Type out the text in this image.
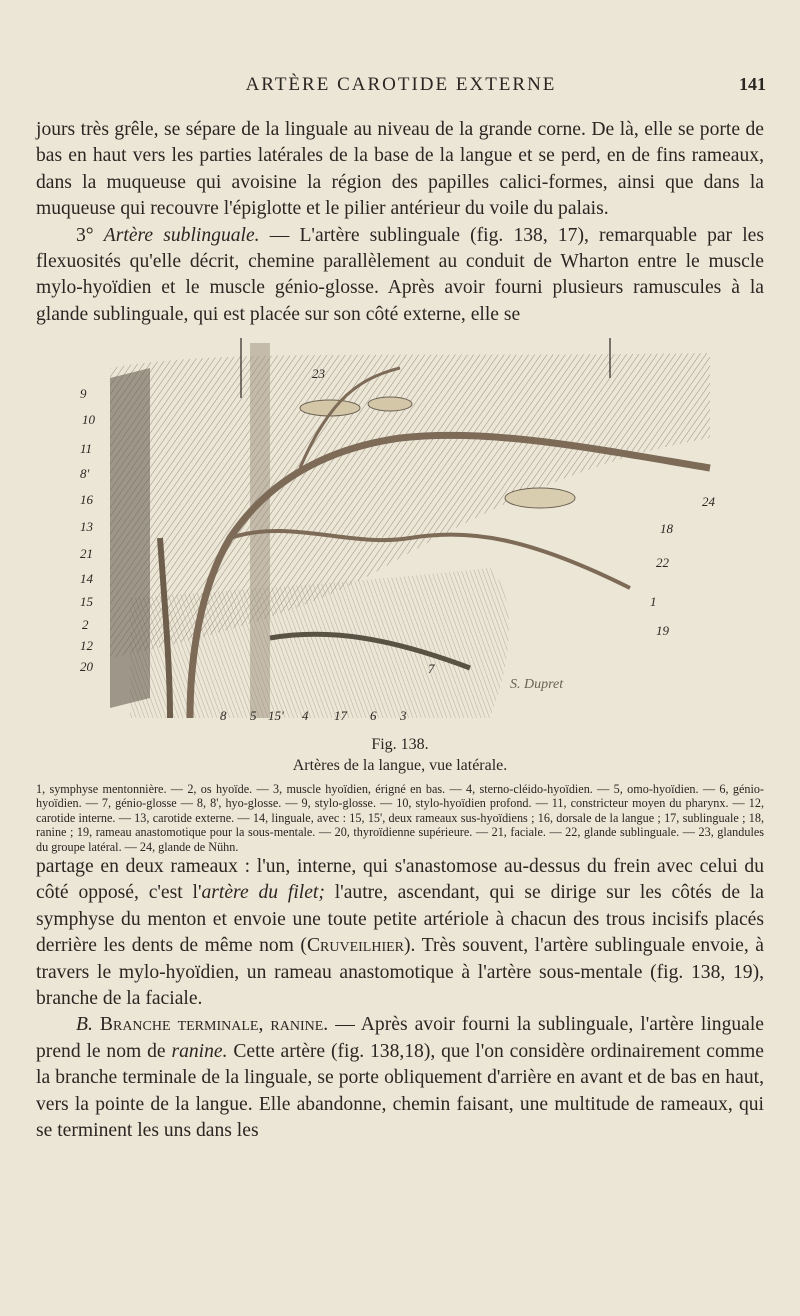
ARTÈRE CAROTIDE EXTERNE	141

jours très grêle, se sépare de la linguale au niveau de la grande corne. De là, elle se porte de bas en haut vers les parties latérales de la base de la langue et se perd, en de fins rameaux, dans la muqueuse qui avoisine la région des papilles calici-formes, ainsi que dans la muqueuse qui recouvre l'épiglotte et le pilier antérieur du voile du palais.

3° Artère sublinguale. — L'artère sublinguale (fig. 138, 17), remarquable par les flexuosités qu'elle décrit, chemine parallèlement au conduit de Wharton entre le muscle mylo-hyoïdien et le muscle génio-glosse. Après avoir fourni plusieurs ramuscules à la glande sublinguale, qui est placée sur son côté externe, elle se

9
10
11
8'
16
13
21
14
15
2
12
20
24
18
22
1
19
8 5 15' 4 17 6 3
23
7
S. Dupret
Fig. 138.
Artères de la langue, vue latérale.
1, symphyse mentonnière. — 2, os hyoïde. — 3, muscle hyoïdien, érigné en bas. — 4, sterno-cléido-hyoïdien. — 5, omo-hyoïdien. — 6, génio-hyoïdien. — 7, génio-glosse — 8, 8', hyo-glosse. — 9, stylo-glosse. — 10, stylo-hyoïdien profond. — 11, constricteur moyen du pharynx. — 12, carotide interne. — 13, carotide externe. — 14, linguale, avec : 15, 15', deux rameaux sus-hyoïdiens ; 16, dorsale de la langue ; 17, sublinguale ; 18, ranine ; 19, rameau anastomotique pour la sous-mentale. — 20, thyroïdienne supérieure. — 21, faciale. — 22, glande sublinguale. — 23, glandules du groupe latéral. — 24, glande de Nühn.

partage en deux rameaux : l'un, interne, qui s'anastomose au-dessus du frein avec celui du côté opposé, c'est l'artère du filet; l'autre, ascendant, qui se dirige sur les côtés de la symphyse du menton et envoie une toute petite artériole à chacun des trous incisifs placés derrière les dents de même nom (Cruveilhier). Très souvent, l'artère sublinguale envoie, à travers le mylo-hyoïdien, un rameau anastomotique à l'artère sous-mentale (fig. 138, 19), branche de la faciale.

B. Branche terminale, ranine. — Après avoir fourni la sublinguale, l'artère linguale prend le nom de ranine. Cette artère (fig. 138,18), que l'on considère ordinairement comme la branche terminale de la linguale, se porte obliquement d'arrière en avant et de bas en haut, vers la pointe de la langue. Elle abandonne, chemin faisant, une multitude de rameaux, qui se terminent les uns dans les
